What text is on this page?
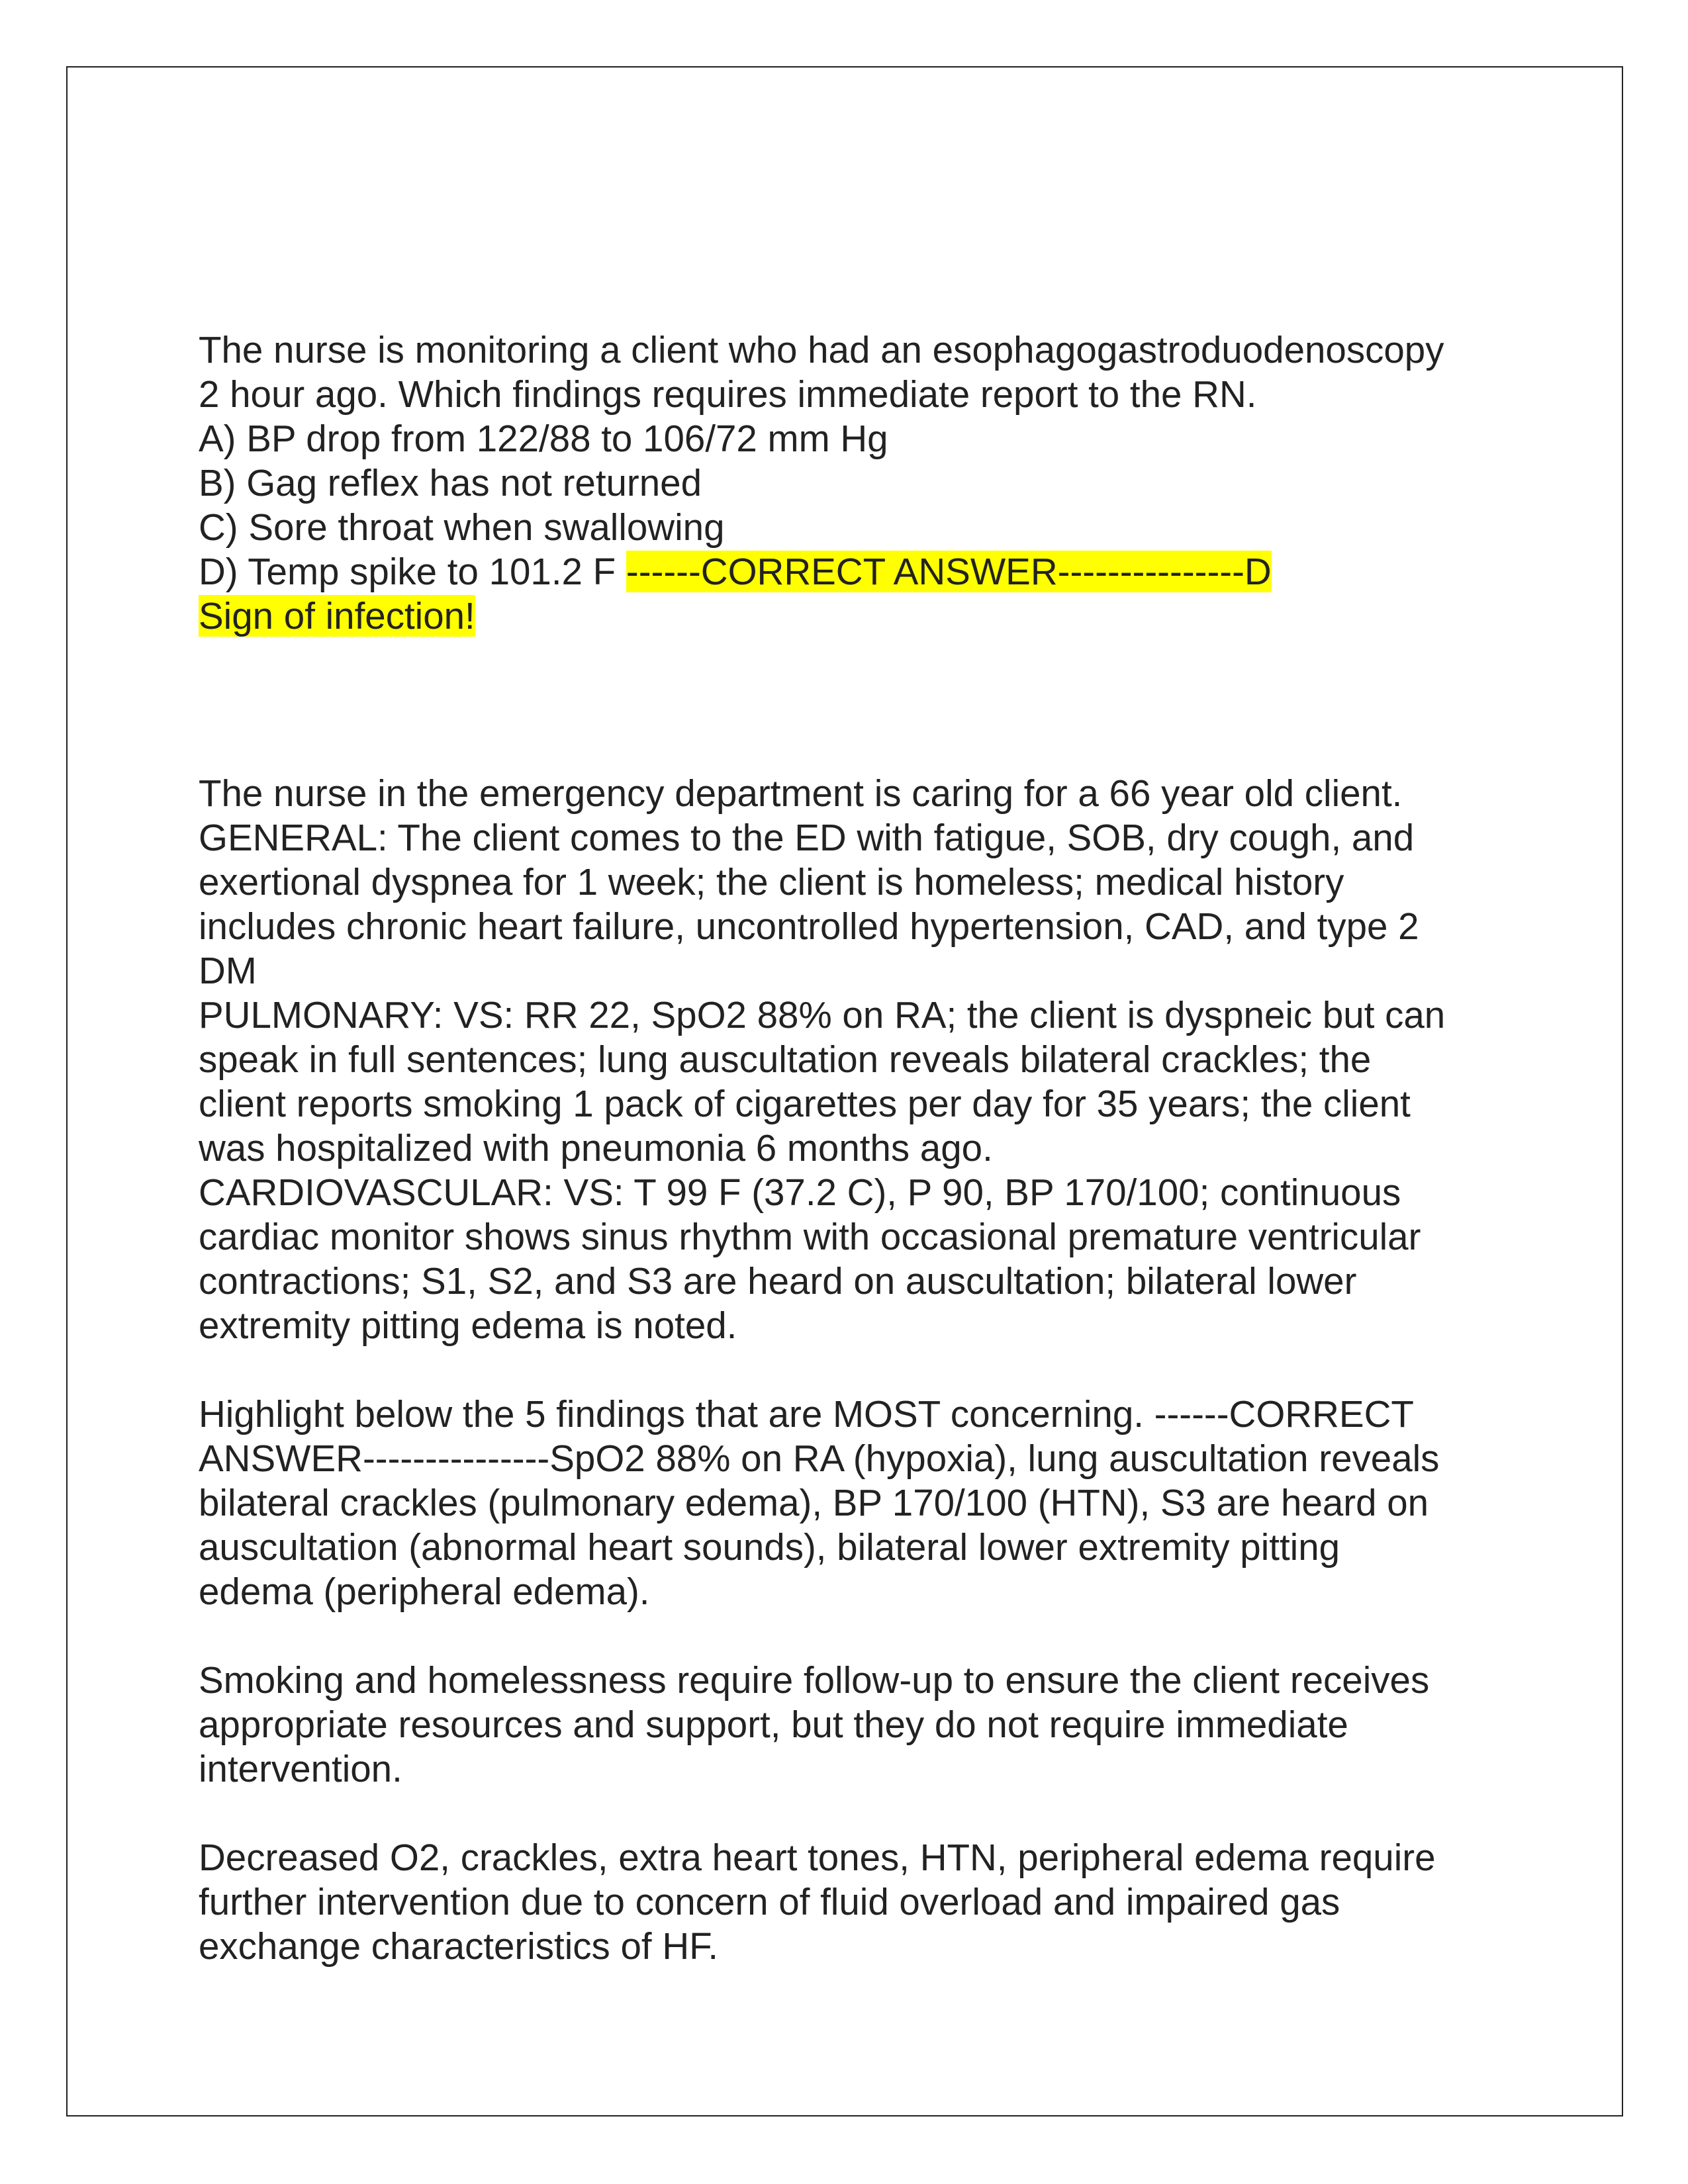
The nurse is monitoring a client who had an esophagogastroduodenoscopy
2 hour ago. Which findings requires immediate report to the RN.
A) BP drop from 122/88 to 106/72 mm Hg
B) Gag reflex has not returned
C) Sore throat when swallowing
D) Temp spike to 101.2 F ------CORRECT ANSWER---------------D
Sign of infection!
The nurse in the emergency department is caring for a 66 year old client.
GENERAL: The client comes to the ED with fatigue, SOB, dry cough, and
exertional dyspnea for 1 week; the client is homeless; medical history
includes chronic heart failure, uncontrolled hypertension, CAD, and type 2
DM
PULMONARY: VS: RR 22, SpO2 88% on RA; the client is dyspneic but can
speak in full sentences; lung auscultation reveals bilateral crackles; the
client reports smoking 1 pack of cigarettes per day for 35 years; the client
was hospitalized with pneumonia 6 months ago.
CARDIOVASCULAR: VS: T 99 F (37.2 C), P 90, BP 170/100; continuous
cardiac monitor shows sinus rhythm with occasional premature ventricular
contractions; S1, S2, and S3 are heard on auscultation; bilateral lower
extremity pitting edema is noted.
Highlight below the 5 findings that are MOST concerning. ------CORRECT
ANSWER---------------SpO2 88% on RA (hypoxia), lung auscultation reveals
bilateral crackles (pulmonary edema), BP 170/100 (HTN), S3 are heard on
auscultation (abnormal heart sounds), bilateral lower extremity pitting
edema (peripheral edema).
Smoking and homelessness require follow-up to ensure the client receives
appropriate resources and support, but they do not require immediate
intervention.
Decreased O2, crackles, extra heart tones, HTN, peripheral edema require
further intervention due to concern of fluid overload and impaired gas
exchange characteristics of HF.
